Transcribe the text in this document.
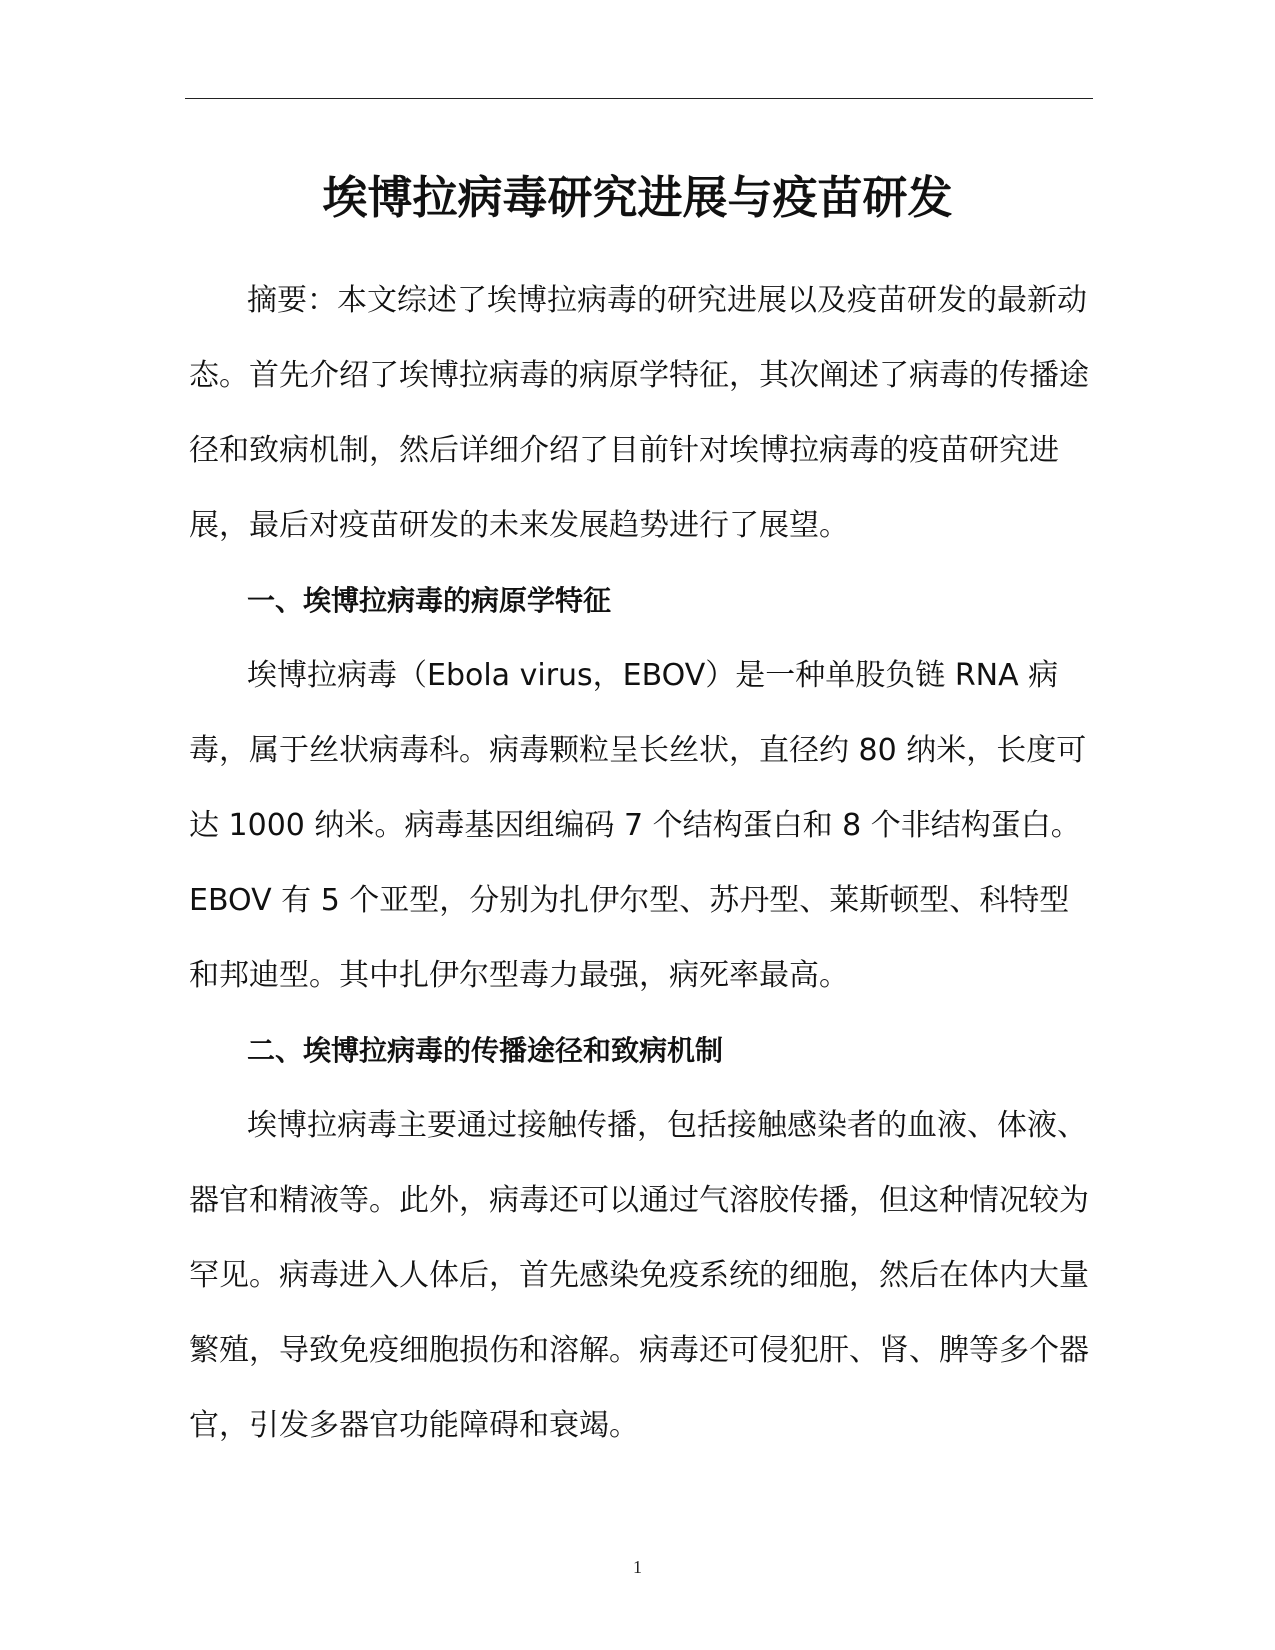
埃博拉病毒研究进展与疫苗研发

摘要：本文综述了埃博拉病毒的研究进展以及疫苗研发的最新动态。首先介绍了埃博拉病毒的病原学特征，其次阐述了病毒的传播途径和致病机制，然后详细介绍了目前针对埃博拉病毒的疫苗研究进展，最后对疫苗研发的未来发展趋势进行了展望。

一、埃博拉病毒的病原学特征

埃博拉病毒（Ebola virus，EBOV）是一种单股负链 RNA 病毒，属于丝状病毒科。病毒颗粒呈长丝状，直径约 80 纳米，长度可达 1000 纳米。病毒基因组编码 7 个结构蛋白和 8 个非结构蛋白。EBOV 有 5 个亚型，分别为扎伊尔型、苏丹型、莱斯顿型、科特型和邦迪型。其中扎伊尔型毒力最强，病死率最高。

二、埃博拉病毒的传播途径和致病机制

埃博拉病毒主要通过接触传播，包括接触感染者的血液、体液、器官和精液等。此外，病毒还可以通过气溶胶传播，但这种情况较为罕见。病毒进入人体后，首先感染免疫系统的细胞，然后在体内大量繁殖，导致免疫细胞损伤和溶解。病毒还可侵犯肝、肾、脾等多个器官，引发多器官功能障碍和衰竭。

1
